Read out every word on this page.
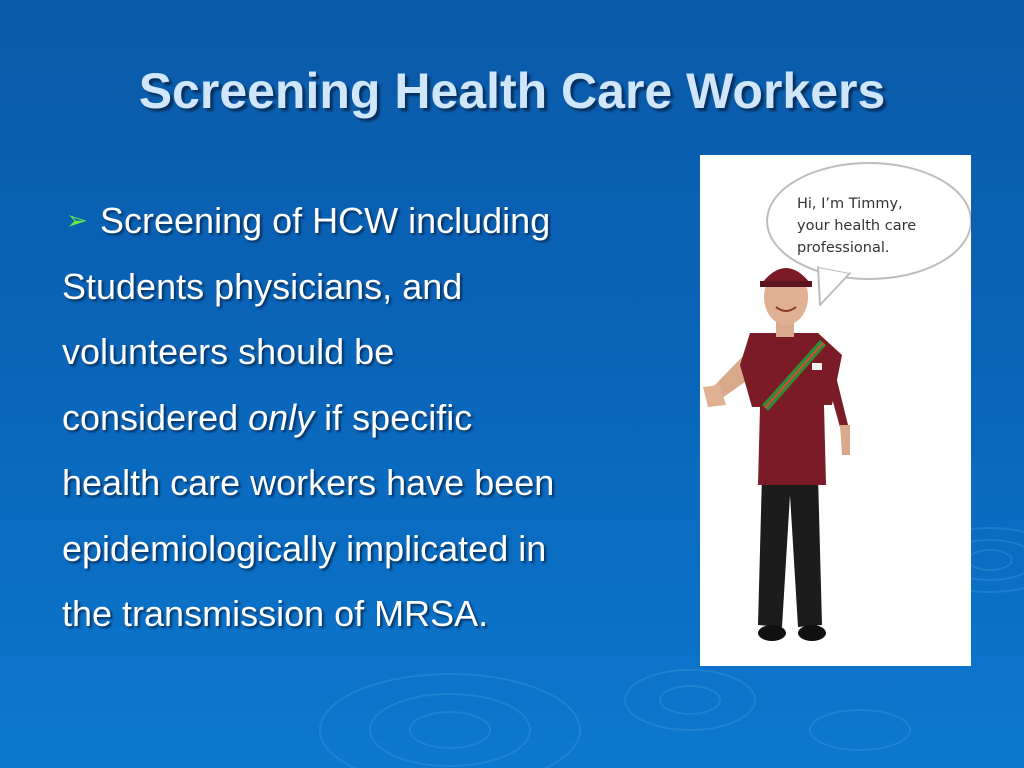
Screening Health Care Workers
➢ Screening of HCW including
Students physicians, and
volunteers should be
considered only if specific
health care workers have been
epidemiologically implicated in
the transmission of MRSA.
Hi, I’m Timmy,
your health care
professional.
